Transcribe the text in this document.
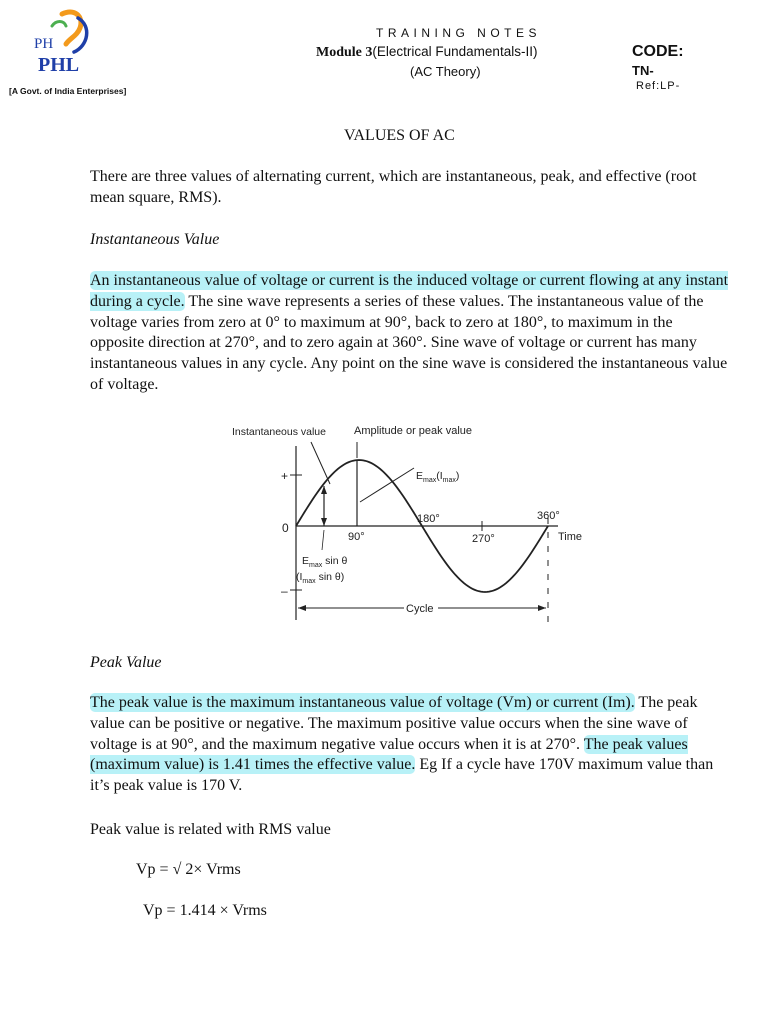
PH
PHL
[A Govt. of India Enterprises]
TRAINING NOTES
Module 3(Electrical Fundamentals-II)
(AC Theory)
CODE:
TN-
Ref:LP-
VALUES OF AC

There are three values of alternating current, which are instantaneous, peak, and effective (root mean square, RMS).

Instantaneous Value

An instantaneous value of voltage or current is the induced voltage or current flowing at any instant during a cycle. The sine wave represents a series of these values. The instantaneous value of the voltage varies from zero at 0° to maximum at 90°, back to zero at 180°, to maximum in the opposite direction at 270°, and to zero again at 360°. Sine wave of voltage or current has many instantaneous values in any cycle. Any point on the sine wave is considered the instantaneous value of voltage.

Instantaneous value	Amplitude or peak value
$E_{max}(I_{max})$
+
–
0
90°
180°
270°
360°
Time
$E_{max}$ sin θ
($I_{max}$ sin θ)
Cycle
Peak Value

The peak value is the maximum instantaneous value of voltage (Vm) or current (Im). The peak value can be positive or negative. The maximum positive value occurs when the sine wave of voltage is at 90°, and the maximum negative value occurs when it is at 270°. The peak values (maximum value) is 1.41 times the effective value. Eg If a cycle have 170V maximum value than it’s peak value is 170 V.

Peak value is related with RMS value
Vp = √ 2× Vrms
Vp = 1.414 × Vrms
